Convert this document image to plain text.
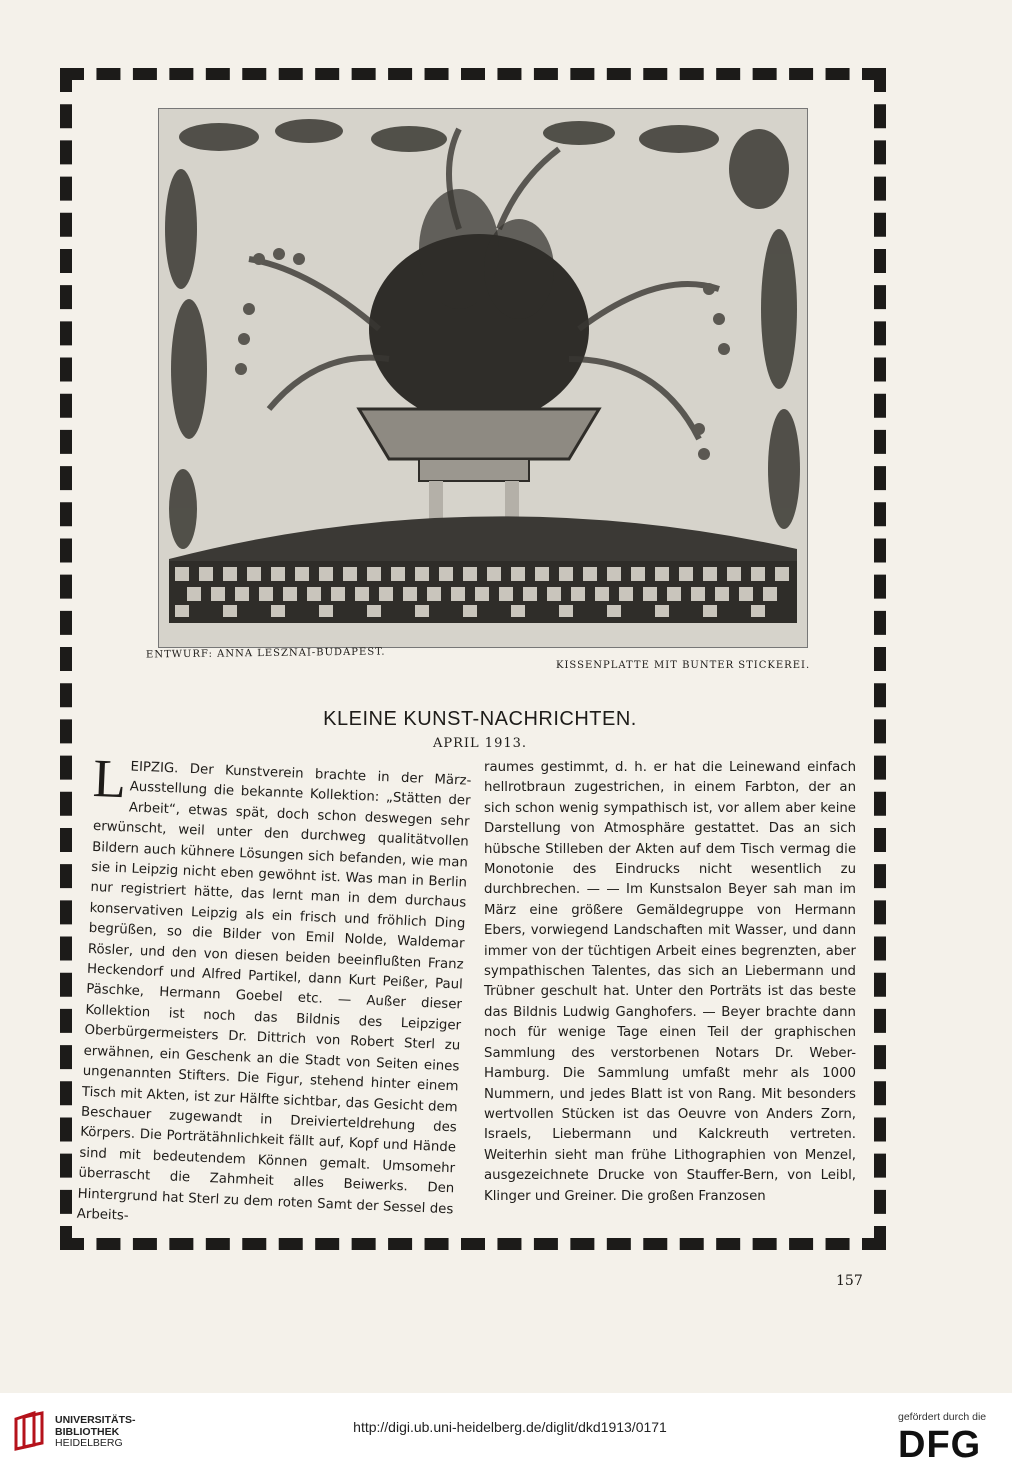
ENTWURF: ANNA LESZNAI-BUDAPEST.
KISSENPLATTE MIT BUNTER STICKEREI.
KLEINE KUNST-NACHRICHTEN.
APRIL 1913.
LEIPZIG. Der Kunstverein brachte in der März-Ausstellung die bekannte Kollektion: „Stätten der Arbeit“, etwas spät, doch schon deswegen sehr erwünscht, weil unter den durchweg qualitätvollen Bildern auch kühnere Lösungen sich befanden, wie man sie in Leipzig nicht eben gewöhnt ist. Was man in Berlin nur registriert hätte, das lernt man in dem durchaus konservativen Leipzig als ein frisch und fröhlich Ding begrüßen, so die Bilder von Emil Nolde, Waldemar Rösler, und den von diesen beiden beeinflußten Franz Heckendorf und Alfred Partikel, dann Kurt Peißer, Paul Päschke, Hermann Goebel etc. — Außer dieser Kollektion ist noch das Bildnis des Leipziger Oberbürgermeisters Dr. Dittrich von Robert Sterl zu erwähnen, ein Geschenk an die Stadt von Seiten eines ungenannten Stifters. Die Figur, stehend hinter einem Tisch mit Akten, ist zur Hälfte sichtbar, das Gesicht dem Beschauer zugewandt in Dreivierteldrehung des Körpers. Die Porträtähnlichkeit fällt auf, Kopf und Hände sind mit bedeutendem Können gemalt. Umsomehr überrascht die Zahmheit alles Beiwerks. Den Hintergrund hat Sterl zu dem roten Samt der Sessel des Arbeits-
raumes gestimmt, d. h. er hat die Leinewand einfach hellrotbraun zugestrichen, in einem Farbton, der an sich schon wenig sympathisch ist, vor allem aber keine Darstellung von Atmosphäre gestattet. Das an sich hübsche Stilleben der Akten auf dem Tisch vermag die Monotonie des Eindrucks nicht wesentlich zu durchbrechen. — — Im Kunstsalon Beyer sah man im März eine größere Gemäldegruppe von Hermann Ebers, vorwiegend Landschaften mit Wasser, und dann immer von der tüchtigen Arbeit eines begrenzten, aber sympathischen Talentes, das sich an Liebermann und Trübner geschult hat. Unter den Porträts ist das beste das Bildnis Ludwig Ganghofers. — Beyer brachte dann noch für wenige Tage einen Teil der graphischen Sammlung des verstorbenen Notars Dr. Weber-Hamburg. Die Sammlung umfaßt mehr als 1000 Nummern, und jedes Blatt ist von Rang. Mit besonders wertvollen Stücken ist das Oeuvre von Anders Zorn, Israels, Liebermann und Kalckreuth vertreten. Weiterhin sieht man frühe Lithographien von Menzel, ausgezeichnete Drucke von Stauffer-Bern, von Leibl, Klinger und Greiner. Die großen Franzosen
157
UNIVERSITÄTS-
BIBLIOTHEK
HEIDELBERG
http://digi.ub.uni-heidelberg.de/diglit/dkd1913/0171
gefördert durch die
DFG
